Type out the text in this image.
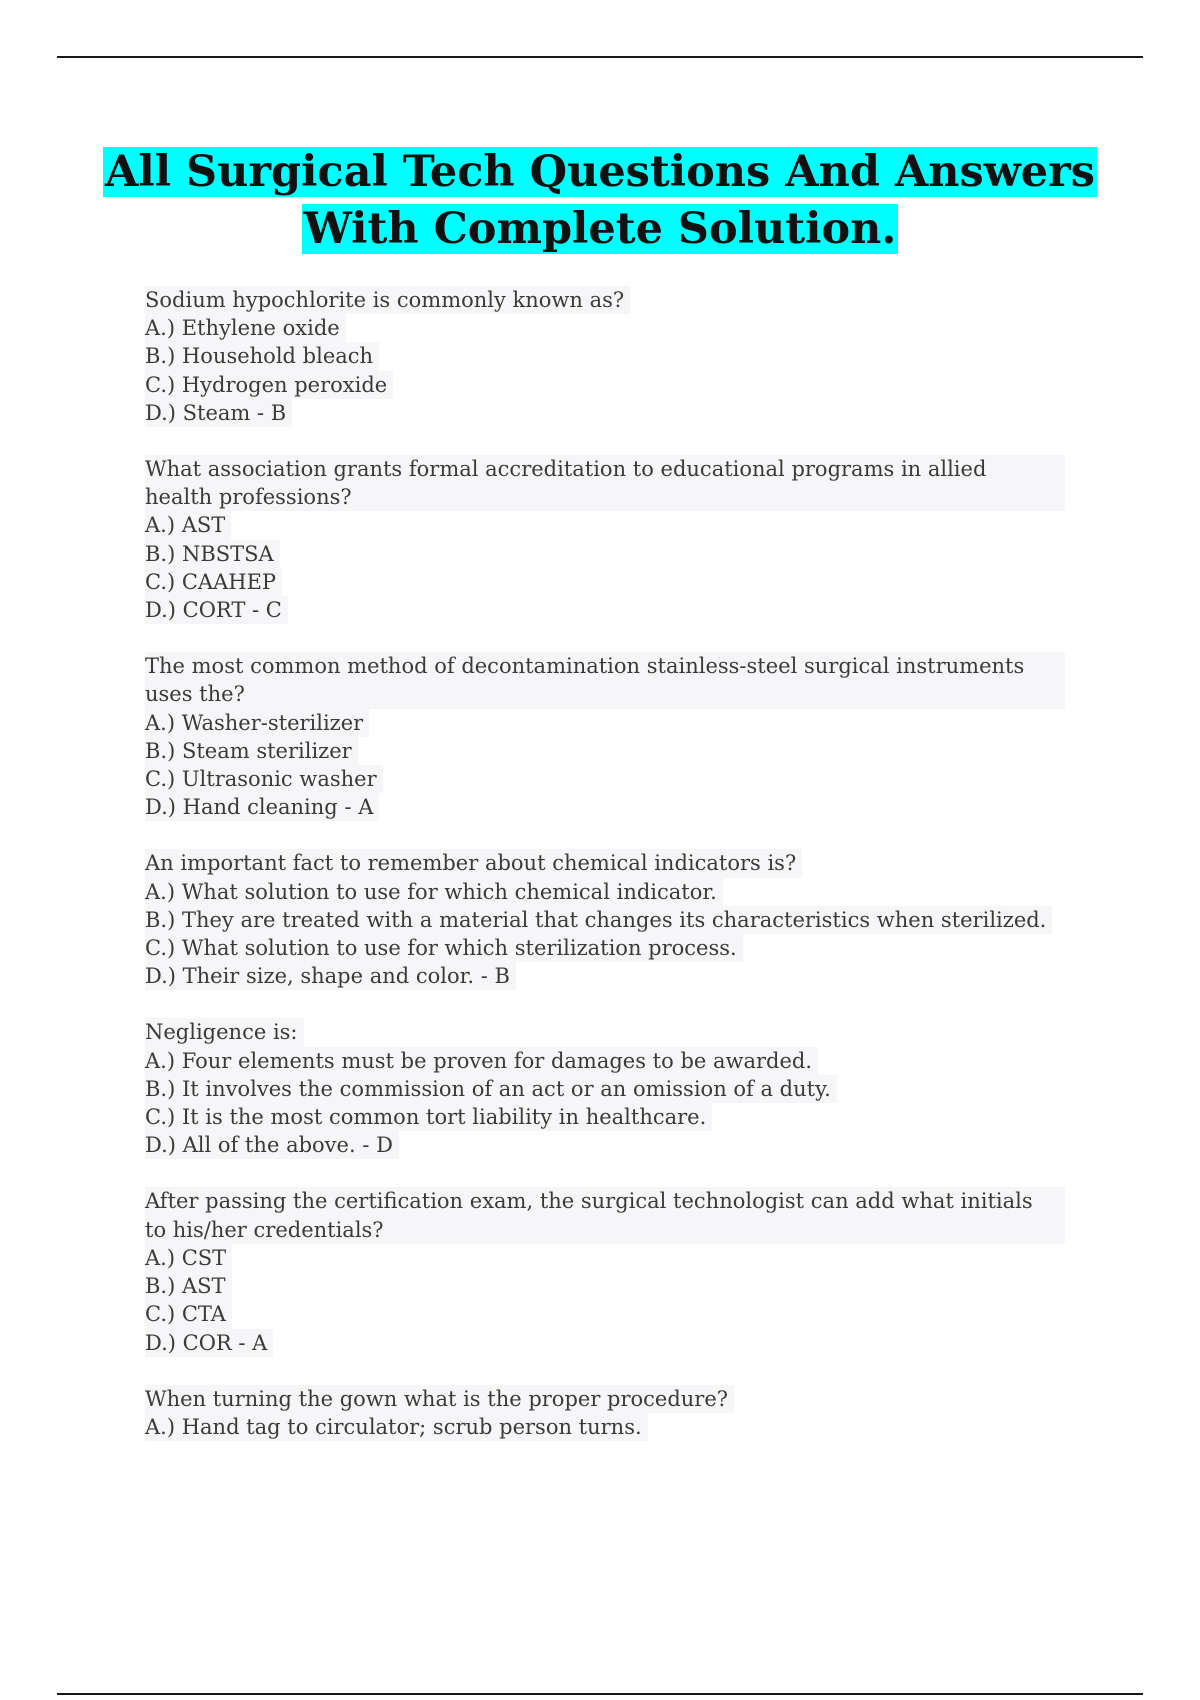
All Surgical Tech Questions And Answers
With Complete Solution.
Sodium hypochlorite is commonly known as?
A.) Ethylene oxide
B.) Household bleach
C.) Hydrogen peroxide
D.) Steam - B
What association grants formal accreditation to educational programs in allied health professions?
A.) AST
B.) NBSTSA
C.) CAAHEP
D.) CORT - C
The most common method of decontamination stainless-steel surgical instruments uses the?
A.) Washer-sterilizer
B.) Steam sterilizer
C.) Ultrasonic washer
D.) Hand cleaning - A
An important fact to remember about chemical indicators is?
A.) What solution to use for which chemical indicator.
B.) They are treated with a material that changes its characteristics when sterilized.
C.) What solution to use for which sterilization process.
D.) Their size, shape and color. - B
Negligence is:
A.) Four elements must be proven for damages to be awarded.
B.) It involves the commission of an act or an omission of a duty.
C.) It is the most common tort liability in healthcare.
D.) All of the above. - D
After passing the certification exam, the surgical technologist can add what initials to his/her credentials?
A.) CST
B.) AST
C.) CTA
D.) COR - A
When turning the gown what is the proper procedure?
A.) Hand tag to circulator; scrub person turns.
